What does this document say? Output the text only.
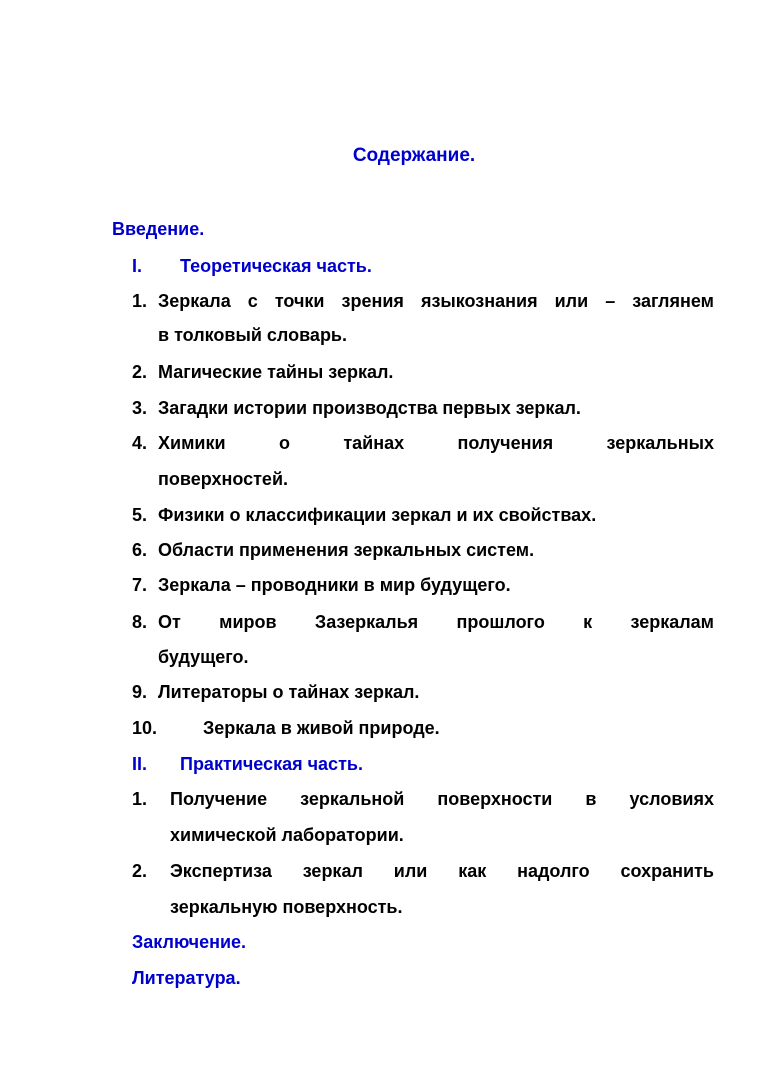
Содержание.
Введение.
I. Теоретическая часть.
1. Зеркала с точки зрения языкознания или – заглянем
в толковый словарь.
2. Магические тайны зеркал.
3. Загадки истории производства первых зеркал.
4. Химики	о	тайнах	получения	зеркальных
поверхностей.
5. Физики о классификации зеркал и их свойствах.
6. Области применения зеркальных систем.
7. Зеркала – проводники в мир будущего.
8. От миров Зазеркалья прошлого к зеркалам
будущего.
9. Литераторы о тайнах зеркал.
10.	Зеркала в живой природе.
II. Практическая часть.
1. Получение зеркальной поверхности в условиях
химической лаборатории.
2. Экспертиза зеркал или как надолго сохранить
зеркальную поверхность.
Заключение.
Литература.
